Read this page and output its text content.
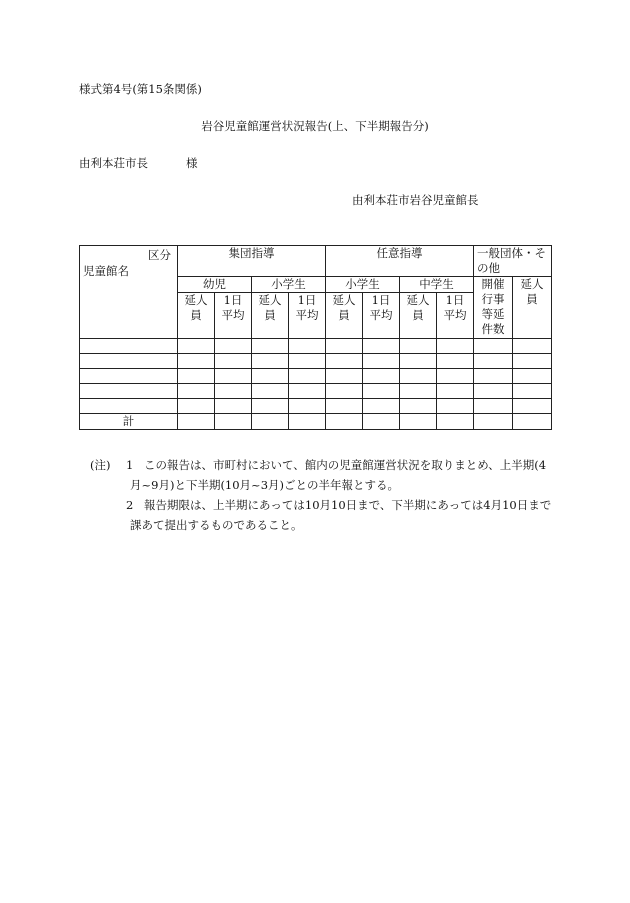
様式第4号(第15条関係)
岩谷児童館運営状況報告(上、下半期報告分)
由利本荘市長	様
由利本荘市岩谷児童館長
区分
児童館名	集団指導				任意指導				一般団体・その他	
	幼児		小学生		小学生		中学生		開催行事等延件数	延人員
	延人員	1日平均	延人員	1日平均	延人員	1日平均	延人員	1日平均		

計										
(注) 1 この報告は、市町村において、館内の児童館運営状況を取りまとめ、上半期(4
月~9月)と下半期(10月~3月)ごとの半年報とする。
2 報告期限は、上半期にあっては10月10日まで、下半期にあっては4月10日まで
課あて提出するものであること。
